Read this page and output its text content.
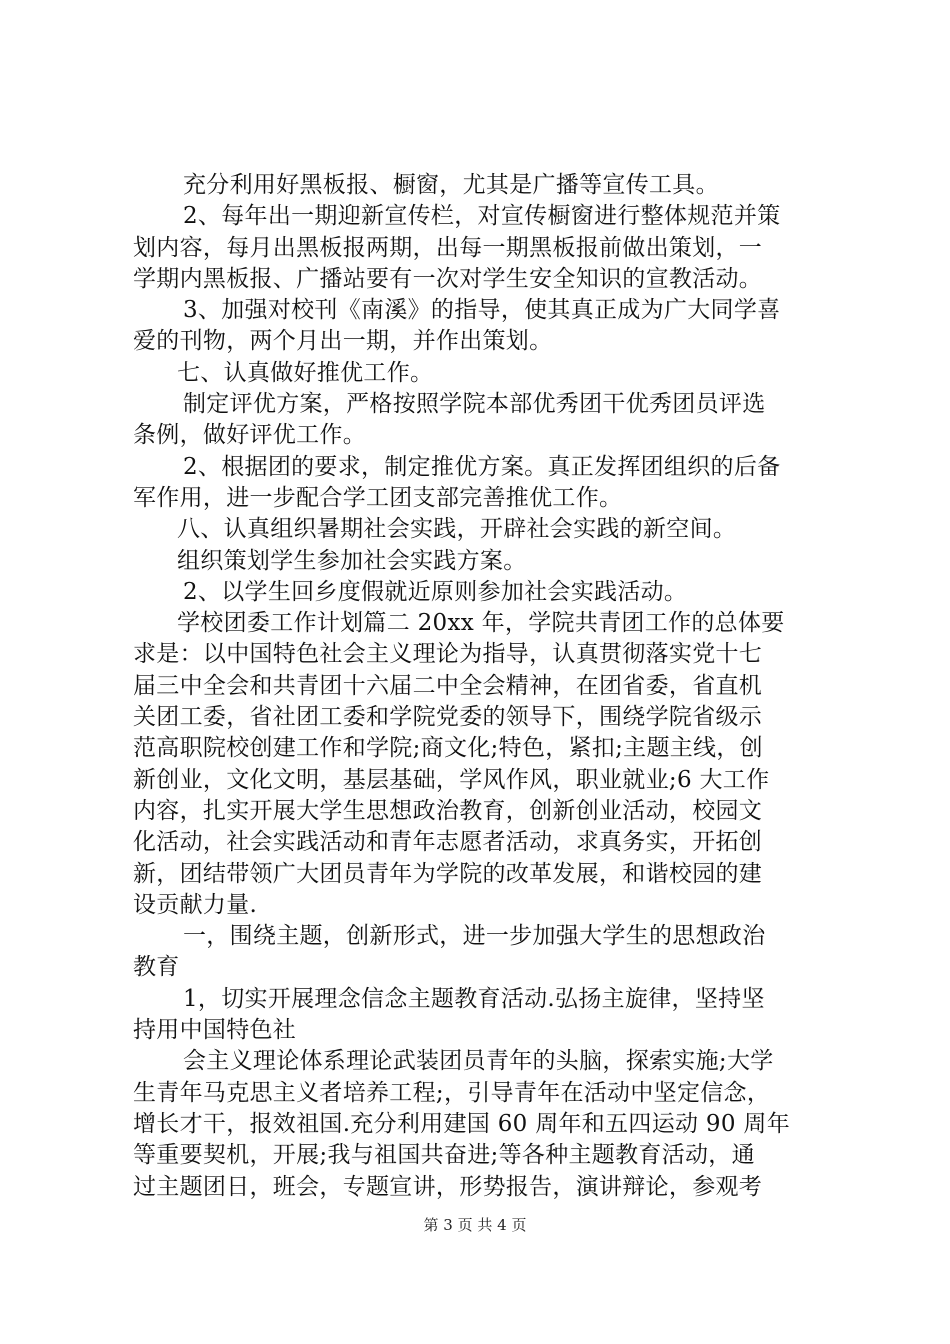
充分利用好黑板报、橱窗，尤其是广播等宣传工具。
2、每年出一期迎新宣传栏，对宣传橱窗进行整体规范并策
划内容，每月出黑板报两期，出每一期黑板报前做出策划，一
学期内黑板报、广播站要有一次对学生安全知识的宣教活动。
3、加强对校刊《南溪》的指导，使其真正成为广大同学喜
爱的刊物，两个月出一期，并作出策划。
七、认真做好推优工作。
制定评优方案，严格按照学院本部优秀团干优秀团员评选
条例，做好评优工作。
2、根据团的要求，制定推优方案。真正发挥团组织的后备
军作用，进一步配合学工团支部完善推优工作。
八、认真组织暑期社会实践，开辟社会实践的新空间。
组织策划学生参加社会实践方案。
2、以学生回乡度假就近原则参加社会实践活动。
学校团委工作计划篇二 20xx 年，学院共青团工作的总体要
求是：以中国特色社会主义理论为指导，认真贯彻落实党十七
届三中全会和共青团十六届二中全会精神，在团省委，省直机
关团工委，省社团工委和学院党委的领导下，围绕学院省级示
范高职院校创建工作和学院;商文化;特色，紧扣;主题主线，创
新创业，文化文明，基层基础，学风作风，职业就业;6 大工作
内容，扎实开展大学生思想政治教育，创新创业活动，校园文
化活动，社会实践活动和青年志愿者活动，求真务实，开拓创
新，团结带领广大团员青年为学院的改革发展，和谐校园的建
设贡献力量.
一，围绕主题，创新形式，进一步加强大学生的思想政治
教育
1，切实开展理念信念主题教育活动.弘扬主旋律，坚持坚
持用中国特色社
会主义理论体系理论武装团员青年的头脑，探索实施;大学
生青年马克思主义者培养工程;，引导青年在活动中坚定信念，
增长才干，报效祖国.充分利用建国 60 周年和五四运动 90 周年
等重要契机，开展;我与祖国共奋进;等各种主题教育活动，通
过主题团日，班会，专题宣讲，形势报告，演讲辩论，参观考
第 3 页 共 4 页
